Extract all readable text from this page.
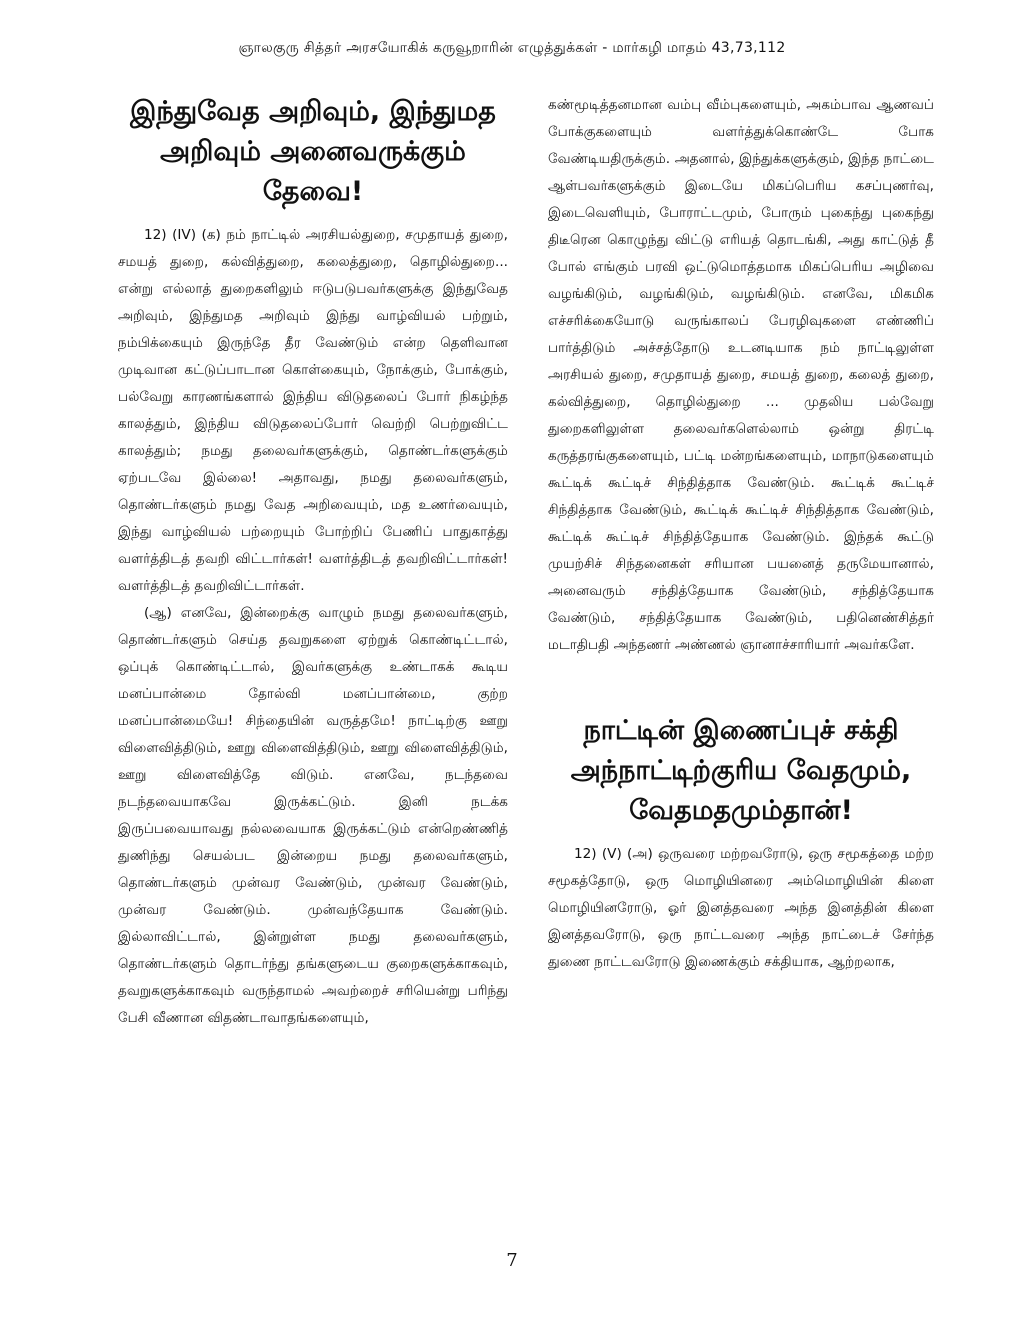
ஞாலகுரு சித்தர் அரசயோகிக் கருவூறாரின் எழுத்துக்கள் - மார்கழி மாதம் 43,73,112
இந்துவேத அறிவும், இந்துமத அறிவும் அனைவருக்கும் தேவை!

12) (IV) (க) நம் நாட்டில் அரசியல்துறை, சமுதாயத் துறை, சமயத் துறை, கல்வித்துறை, கலைத்துறை, தொழில்துறை... என்று எல்லாத் துறைகளிலும் ஈடுபடுபவர்களுக்கு இந்துவேத அறிவும், இந்துமத அறிவும் இந்து வாழ்வியல் பற்றும், நம்பிக்கையும் இருந்தே தீர வேண்டும் என்ற தெளிவான முடிவான கட்டுப்பாடான கொள்கையும், நோக்கும், போக்கும், பல்வேறு காரணங்களால் இந்திய விடுதலைப் போர் நிகழ்ந்த காலத்தும், இந்திய விடுதலைப்போர் வெற்றி பெற்றுவிட்ட காலத்தும்; நமது தலைவர்களுக்கும், தொண்டர்களுக்கும் ஏற்படவே இல்லை! அதாவது, நமது தலைவர்களும், தொண்டர்களும் நமது வேத அறிவையும், மத உணர்வையும், இந்து வாழ்வியல் பற்றையும் போற்றிப் பேணிப் பாதுகாத்து வளர்த்திடத் தவறி விட்டார்கள்! வளர்த்திடத் தவறிவிட்டார்கள்! வளர்த்திடத் தவறிவிட்டார்கள்.

(ஆ) எனவே, இன்றைக்கு வாழும் நமது தலைவர்களும், தொண்டர்களும் செய்த தவறுகளை ஏற்றுக் கொண்டிட்டால், ஒப்புக் கொண்டிட்டால், இவர்களுக்கு உண்டாகக் கூடிய மனப்பான்மை தோல்வி மனப்பான்மை, குற்ற மனப்பான்மையே! சிந்தையின் வருத்தமே! நாட்டிற்கு ஊறு விளைவித்திடும், ஊறு விளைவித்திடும், ஊறு விளைவித்திடும், ஊறு விளைவித்தே விடும். எனவே, நடந்தவை நடந்தவையாகவே இருக்கட்டும். இனி நடக்க இருப்பவையாவது நல்லவையாக இருக்கட்டும் என்றெண்ணித் துணிந்து செயல்பட இன்றைய நமது தலைவர்களும், தொண்டர்களும் முன்வர வேண்டும், முன்வர வேண்டும், முன்வர வேண்டும். முன்வந்தேயாக வேண்டும். இல்லாவிட்டால், இன்றுள்ள நமது தலைவர்களும், தொண்டர்களும் தொடர்ந்து தங்களுடைய குறைகளுக்காகவும், தவறுகளுக்காகவும் வருந்தாமல் அவற்றைச் சரியென்று பரிந்து பேசி வீணான விதண்டாவாதங்களையும்,

கண்மூடித்தனமான வம்பு வீம்புகளையும், அகம்பாவ ஆணவப் போக்குகளையும் வளர்த்துக்கொண்டே போக வேண்டியதிருக்கும். அதனால், இந்துக்களுக்கும், இந்த நாட்டை ஆள்பவர்களுக்கும் இடையே மிகப்பெரிய கசப்புணர்வு, இடைவெளியும், போராட்டமும், போரும் புகைந்து புகைந்து திடீரென கொழுந்து விட்டு எரியத் தொடங்கி, அது காட்டுத் தீ போல் எங்கும் பரவி ஒட்டுமொத்தமாக மிகப்பெரிய அழிவை வழங்கிடும், வழங்கிடும், வழங்கிடும். எனவே, மிகமிக எச்சரிக்கையோடு வருங்காலப் பேரழிவுகளை எண்ணிப் பார்த்திடும் அச்சத்தோடு உடனடியாக நம் நாட்டிலுள்ள அரசியல் துறை, சமுதாயத் துறை, சமயத் துறை, கலைத் துறை, கல்வித்துறை, தொழில்துறை ... முதலிய பல்வேறு துறைகளிலுள்ள தலைவர்களெல்லாம் ஒன்று திரட்டி கருத்தரங்குகளையும், பட்டி மன்றங்களையும், மாநாடுகளையும் கூட்டிக் கூட்டிச் சிந்தித்தாக வேண்டும். கூட்டிக் கூட்டிச் சிந்தித்தாக வேண்டும், கூட்டிக் கூட்டிச் சிந்தித்தாக வேண்டும், கூட்டிக் கூட்டிச் சிந்தித்தேயாக வேண்டும். இந்தக் கூட்டு முயற்சிச் சிந்தனைகள் சரியான பயனைத் தருமேயானால், அனைவரும் சந்தித்தேயாக வேண்டும், சந்தித்தேயாக வேண்டும், சந்தித்தேயாக வேண்டும், பதினெண்சித்தர் மடாதிபதி அந்தணர் அண்ணல் ஞானாச்சாரியார் அவர்களே.

நாட்டின் இணைப்புச் சக்தி அந்நாட்டிற்குரிய வேதமும், வேதமதமும்தான்!

12) (V) (அ) ஒருவரை மற்றவரோடு, ஒரு சமூகத்தை மற்ற சமூகத்தோடு, ஒரு மொழியினரை அம்மொழியின் கிளை மொழியினரோடு, ஓர் இனத்தவரை அந்த இனத்தின் கிளை இனத்தவரோடு, ஒரு நாட்டவரை அந்த நாட்டைச் சேர்ந்த துணை நாட்டவரோடு இணைக்கும் சக்தியாக, ஆற்றலாக,

7
